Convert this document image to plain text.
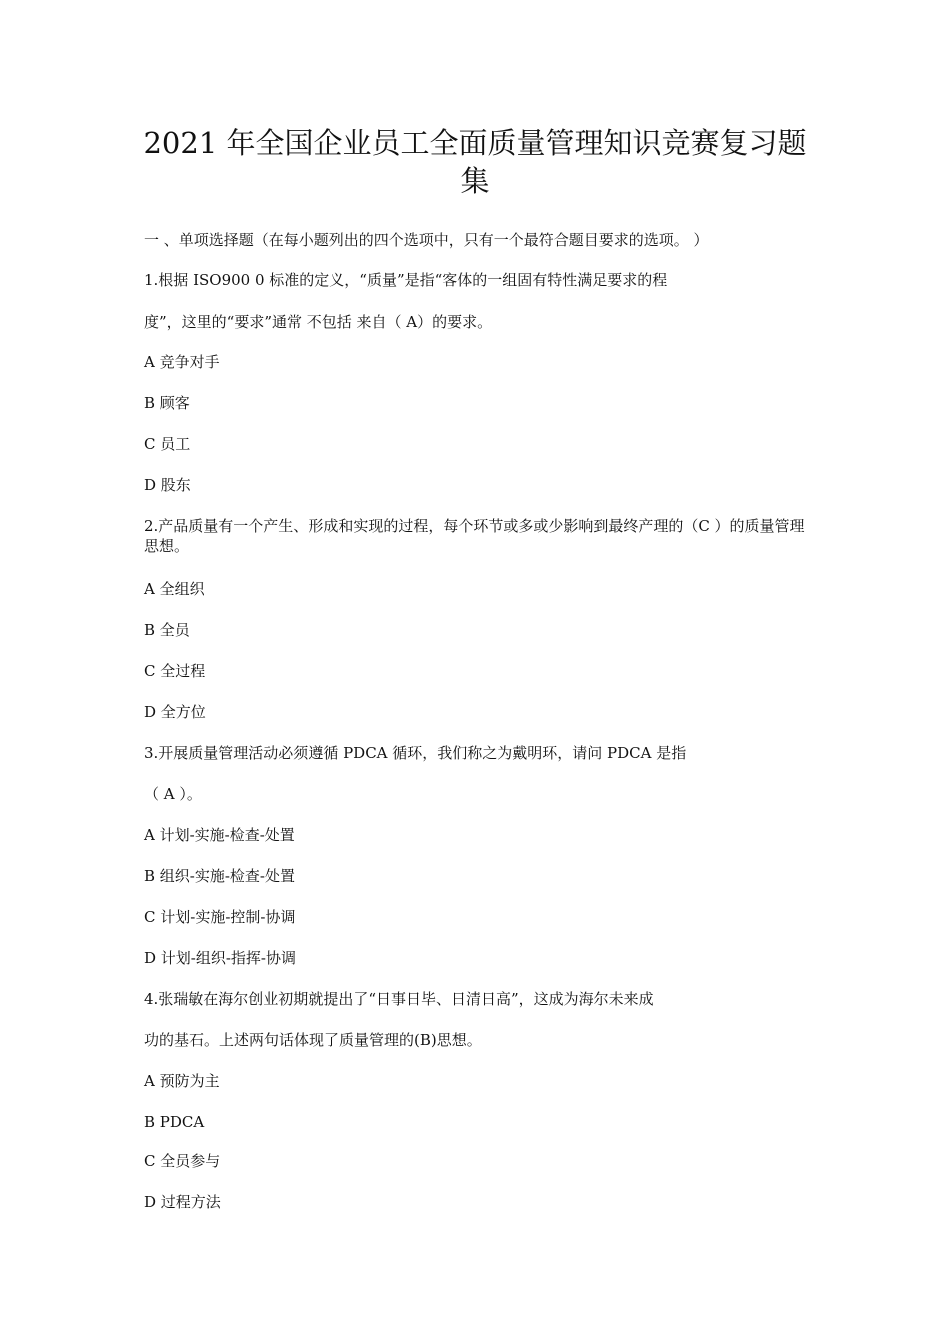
2021 年全国企业员工全面质量管理知识竞赛复习题
集

一 、单项选择题（在每小题列出的四个选项中，只有一个最符合题目要求的选项。 ）

1.根据 ISO900 0 标准的定义，“质量”是指“客体的一组固有特性满足要求的程

度”，这里的“要求”通常 不包括 来自（ A）的要求。

A 竞争对手

B 顾客

C 员工

D 股东

2.产品质量有一个产生、形成和实现的过程，每个环节或多或少影响到最终产理的（C ）的质量管理思想。

A 全组织

B 全员

C 全过程

D 全方位

3.开展质量管理活动必须遵循 PDCA 循环，我们称之为戴明环，请问 PDCA 是指

（ A ）。

A 计划-实施-检查-处置

B 组织-实施-检查-处置

C 计划-实施-控制-协调

D 计划-组织-指挥-协调

4.张瑞敏在海尔创业初期就提出了“日事日毕、日清日高”，这成为海尔未来成

功的基石。上述两句话体现了质量管理的(B)思想。

A 预防为主

B PDCA

C 全员参与

D 过程方法
